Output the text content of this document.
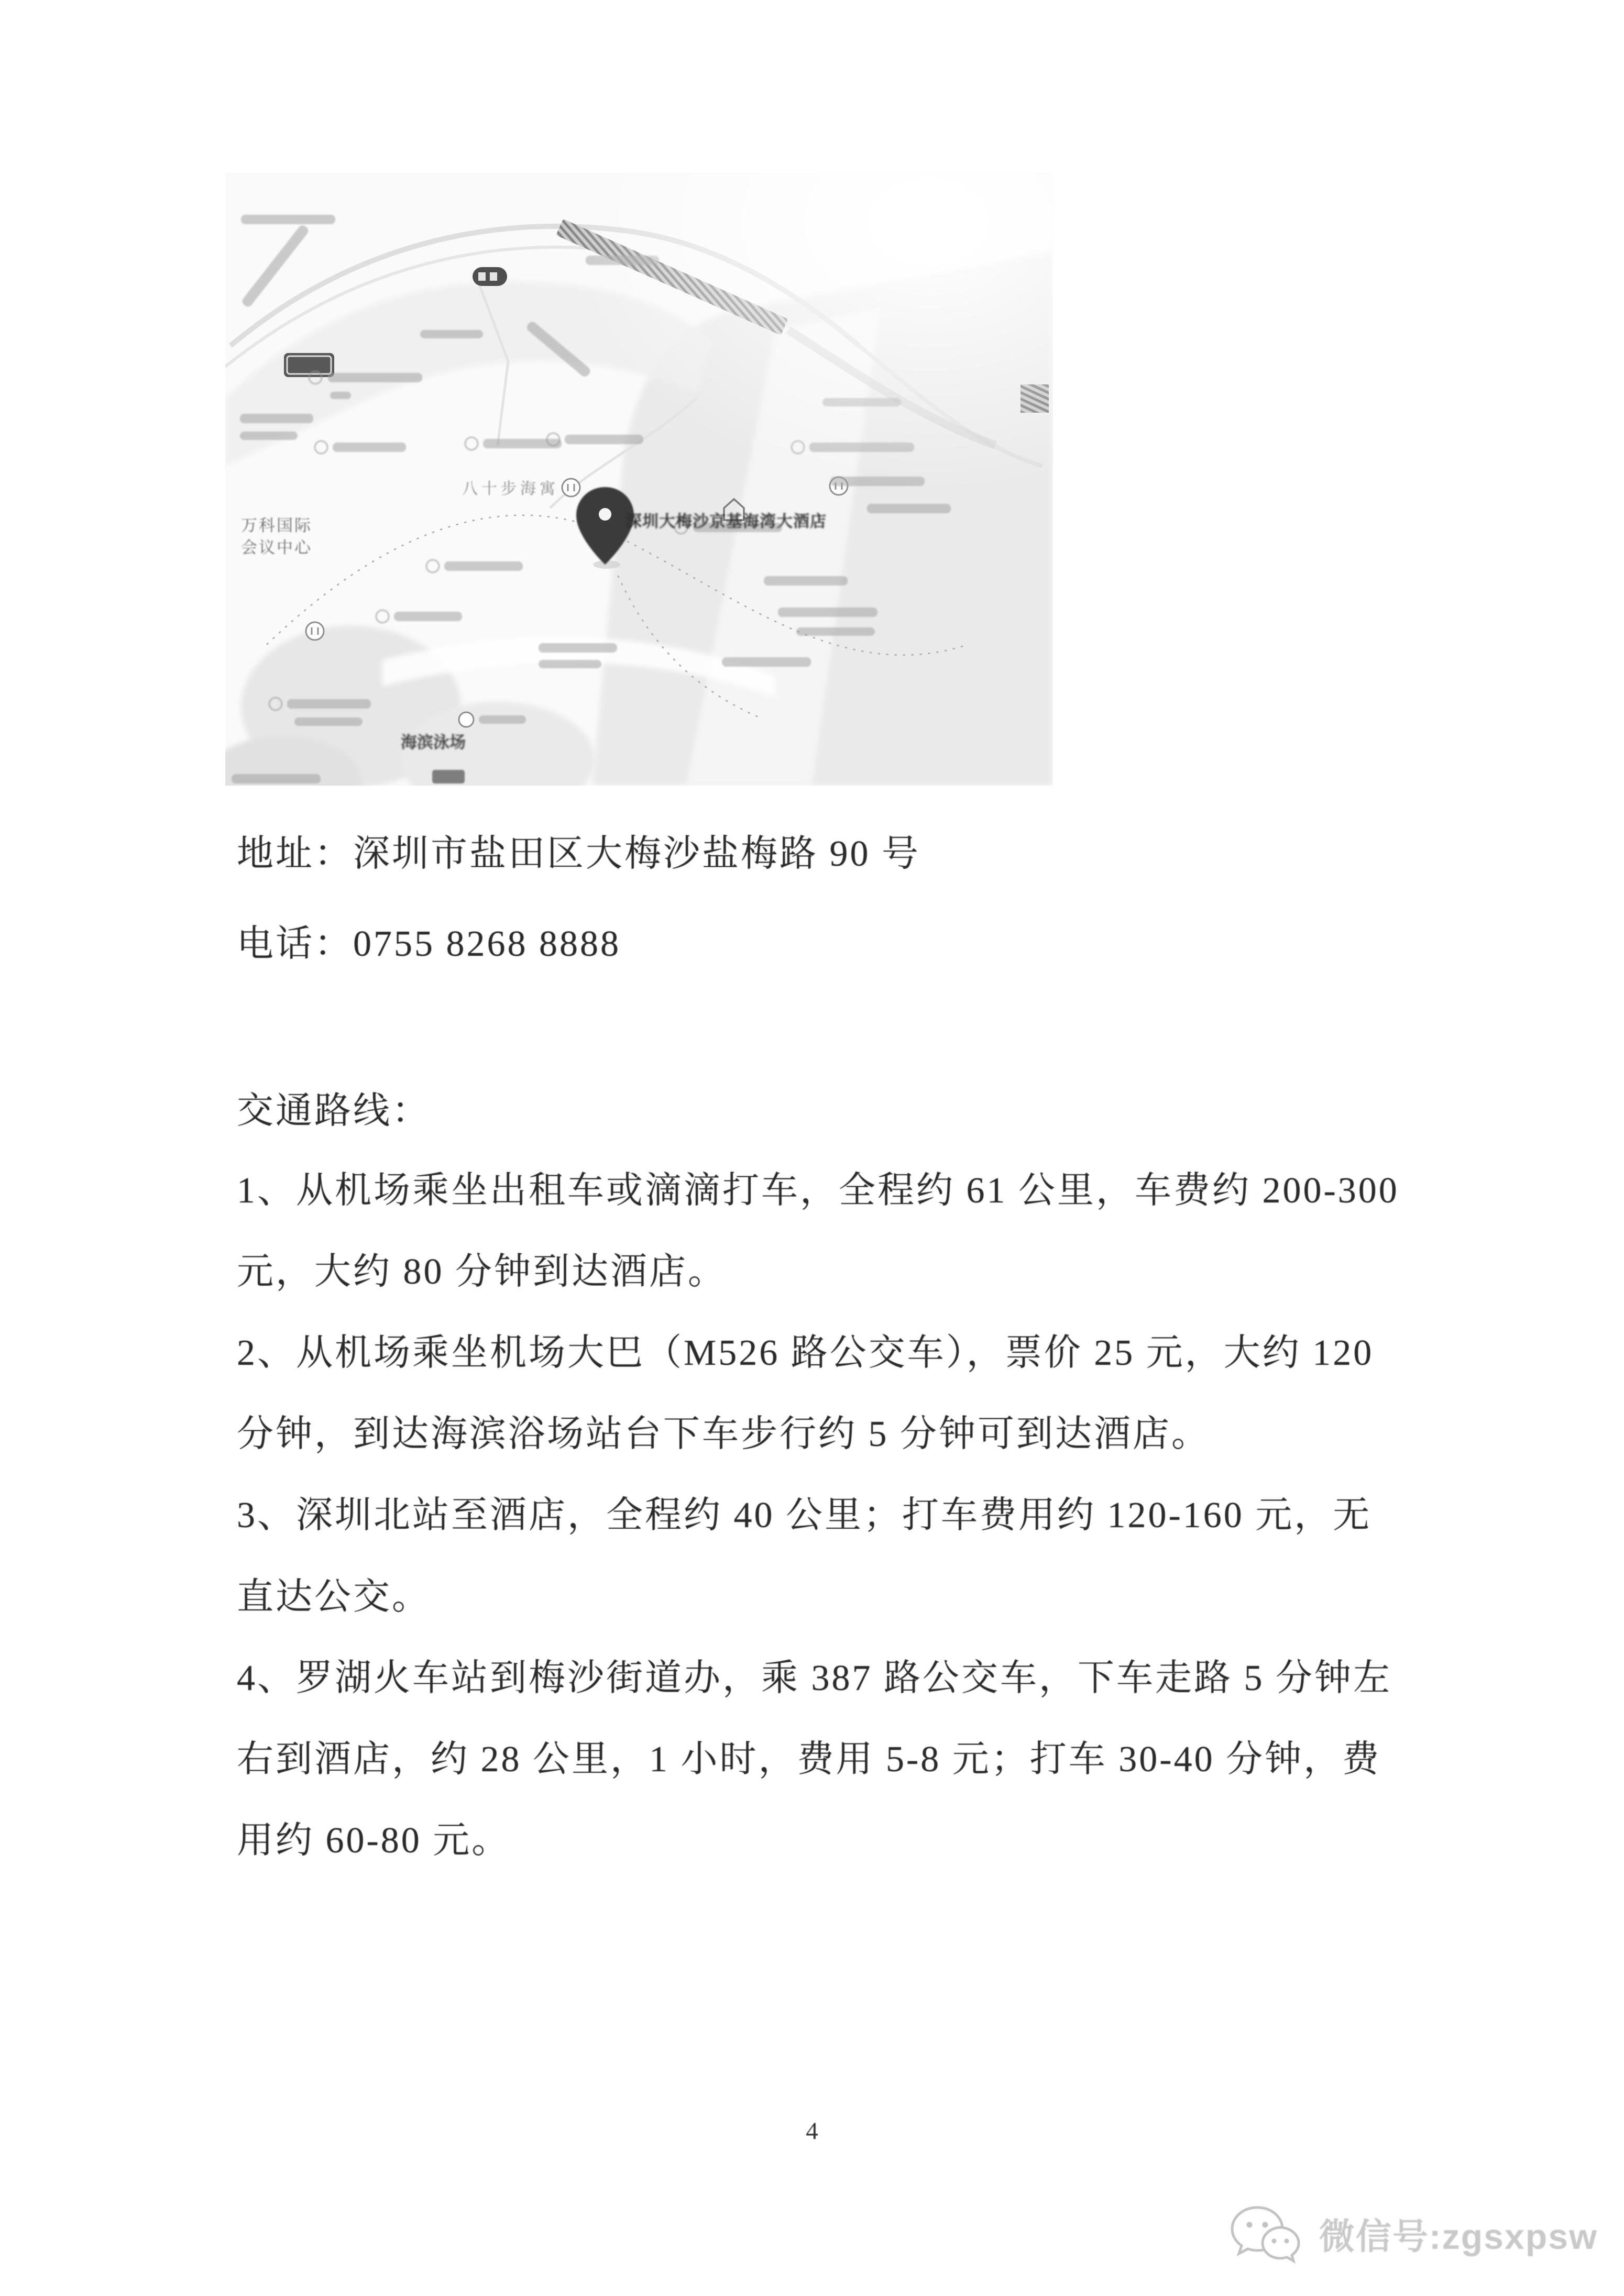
万科国际
会议中心
八十步海寓
海滨泳场
深圳大梅沙京基海湾大酒店
地址：深圳市盐田区大梅沙盐梅路 90 号
电话：0755 8268 8888
交通路线：
1、从机场乘坐出租车或滴滴打车，全程约 61 公里，车费约 200-300
元，大约 80 分钟到达酒店。
2、从机场乘坐机场大巴（M526 路公交车），票价 25 元，大约 120
分钟，到达海滨浴场站台下车步行约 5 分钟可到达酒店。
3、深圳北站至酒店，全程约 40 公里；打车费用约 120-160 元，无
直达公交。
4、罗湖火车站到梅沙街道办，乘 387 路公交车，下车走路 5 分钟左
右到酒店，约 28 公里，1 小时，费用 5-8 元；打车 30-40 分钟，费
用约 60-80 元。
4
微信号:zgsxpsw
